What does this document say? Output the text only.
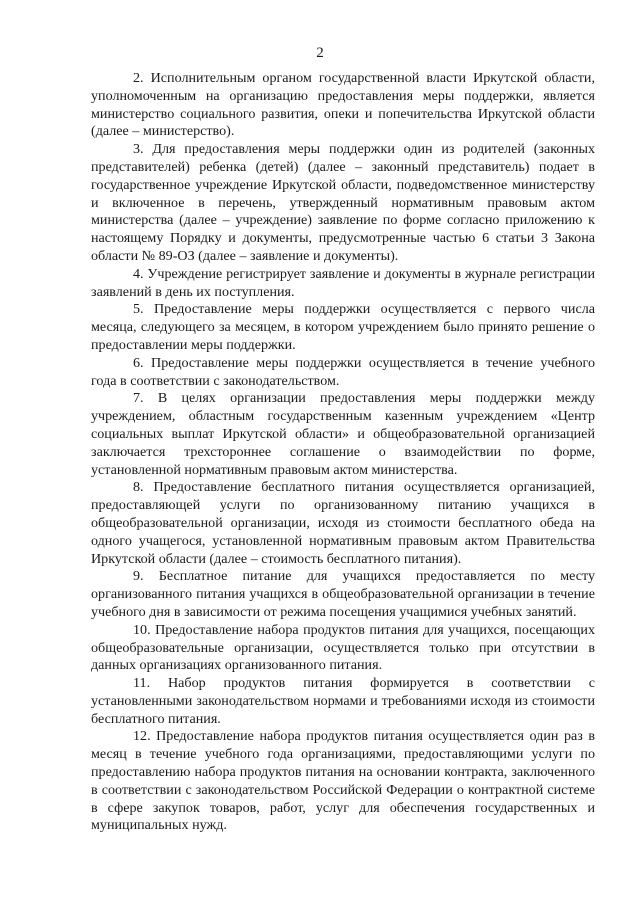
2

2. Исполнительным органом государственной власти Иркутской области, уполномоченным на организацию предоставления меры поддержки, является министерство социального развития, опеки и попечительства Иркутской области (далее – министерство).

3. Для предоставления меры поддержки один из родителей (законных представителей) ребенка (детей) (далее – законный представитель) подает в государственное учреждение Иркутской области, подведомственное министерству и включенное в перечень, утвержденный нормативным правовым актом министерства (далее – учреждение) заявление по форме согласно приложению к настоящему Порядку и документы, предусмотренные частью 6 статьи 3 Закона области № 89-ОЗ (далее – заявление и документы).

4. Учреждение регистрирует заявление и документы в журнале регистрации заявлений в день их поступления.

5. Предоставление меры поддержки осуществляется с первого числа месяца, следующего за месяцем, в котором учреждением было принято решение о предоставлении меры поддержки.

6. Предоставление меры поддержки осуществляется в течение учебного года в соответствии с законодательством.

7. В целях организации предоставления меры поддержки между учреждением, областным государственным казенным учреждением «Центр социальных выплат Иркутской области» и общеобразовательной организацией заключается трехстороннее соглашение о взаимодействии по форме, установленной нормативным правовым актом министерства.

8. Предоставление бесплатного питания осуществляется организацией, предоставляющей услуги по организованному питанию учащихся в общеобразовательной организации, исходя из стоимости бесплатного обеда на одного учащегося, установленной нормативным правовым актом Правительства Иркутской области (далее – стоимость бесплатного питания).

9. Бесплатное питание для учащихся предоставляется по месту организованного питания учащихся в общеобразовательной организации в течение учебного дня в зависимости от режима посещения учащимися учебных занятий.

10. Предоставление набора продуктов питания для учащихся, посещающих общеобразовательные организации, осуществляется только при отсутствии в данных организациях организованного питания.

11. Набор продуктов питания формируется в соответствии с установленными законодательством нормами и требованиями исходя из стоимости бесплатного питания.

12. Предоставление набора продуктов питания осуществляется один раз в месяц в течение учебного года организациями, предоставляющими услуги по предоставлению набора продуктов питания на основании контракта, заключенного в соответствии с законодательством Российской Федерации о контрактной системе в сфере закупок товаров, работ, услуг для обеспечения государственных и муниципальных нужд.
